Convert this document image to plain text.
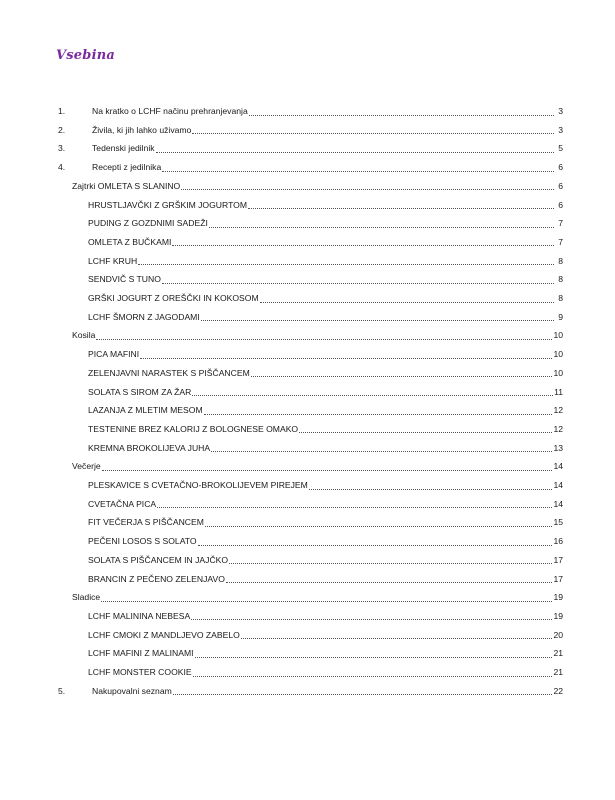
Vsebina
1.	Na kratko o LCHF načinu prehranjevanja	3
2.	Živila, ki jih lahko uživamo	3
3.	Tedenski jedilnik	5
4.	Recepti z jedilnika	6
Zajtrki OMLETA S SLANINO	6
HRUSTLJAVČKI Z GRŠKIM JOGURTOM	6
PUDING Z GOZDNIMI SADEŽI	7
OMLETA Z BUČKAMI	7
LCHF KRUH	8
SENDVIČ S TUNO	8
GRŠKI JOGURT Z OREŠČKI IN KOKOSOM	8
LCHF ŠMORN Z JAGODAMI	9
Kosila	10
PICA MAFINI	10
ZELENJAVNI NARASTEK S PIŠČANCEM	10
SOLATA S SIROM ZA ŽAR	11
LAZANJA Z MLETIM MESOM	12
TESTENINE BREZ KALORIJ Z BOLOGNESE OMAKO	12
KREMNA BROKOLIJEVA JUHA	13
Večerje	14
PLESKAVICE S CVETAČNO-BROKOLIJEVEM PIREJEM	14
CVETAČNA PICA	14
FIT VEČERJA S PIŠČANCEM	15
PEČENI LOSOS S SOLATO	16
SOLATA S PIŠČANCEM IN JAJČKO	17
BRANCIN Z PEČENO ZELENJAVO	17
Sladice	19
LCHF MALININA NEBESA	19
LCHF CMOKI Z MANDLJEVO ZABELO	20
LCHF MAFINI Z MALINAMI	21
LCHF MONSTER COOKIE	21
5.	Nakupovalni seznam	22
